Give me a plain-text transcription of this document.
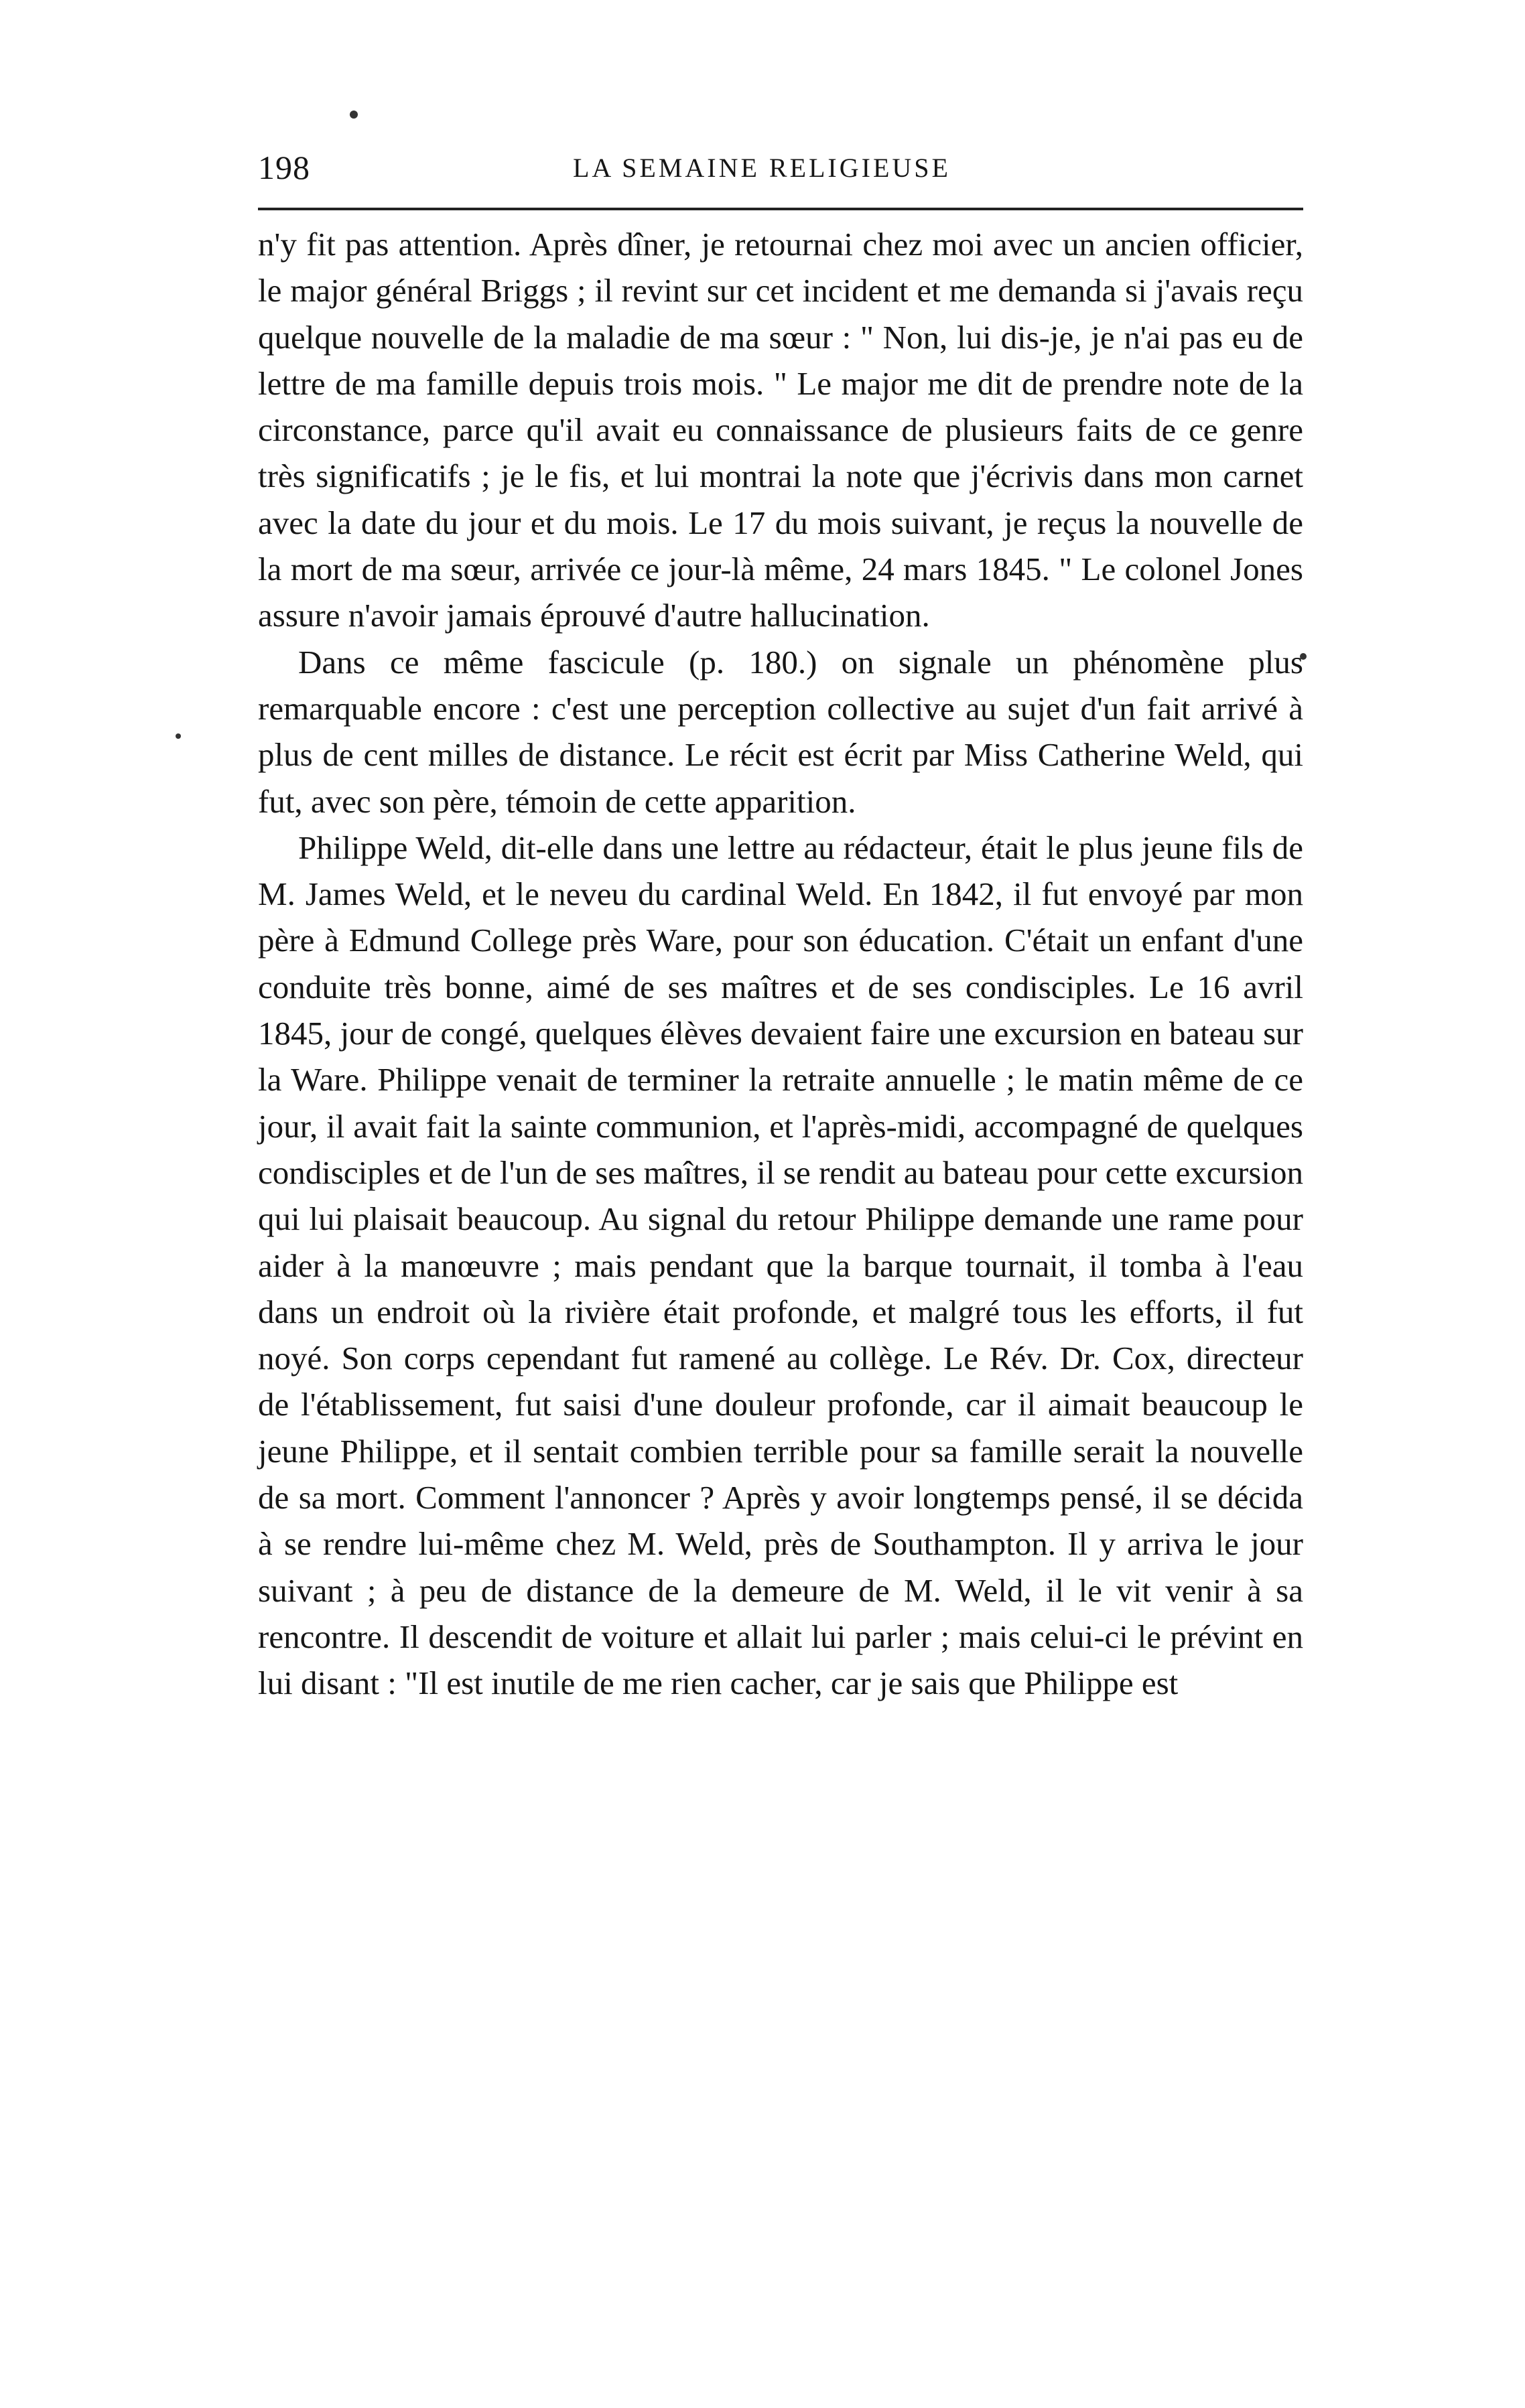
198	LA SEMAINE RELIGIEUSE

n'y fit pas attention. Après dîner, je retournai chez moi avec un ancien officier, le major général Briggs ; il revint sur cet incident et me demanda si j'avais reçu quelque nouvelle de la maladie de ma sœur : " Non, lui dis-je, je n'ai pas eu de lettre de ma famille depuis trois mois. " Le major me dit de prendre note de la circonstance, parce qu'il avait eu connaissance de plusieurs faits de ce genre très significatifs ; je le fis, et lui montrai la note que j'écrivis dans mon carnet avec la date du jour et du mois. Le 17 du mois suivant, je reçus la nouvelle de la mort de ma sœur, arrivée ce jour-là même, 24 mars 1845. " Le colonel Jones assure n'avoir jamais éprouvé d'autre hallucination.

Dans ce même fascicule (p. 180.) on signale un phénomène plus remarquable encore : c'est une perception collective au sujet d'un fait arrivé à plus de cent milles de distance. Le récit est écrit par Miss Catherine Weld, qui fut, avec son père, témoin de cette apparition.

Philippe Weld, dit-elle dans une lettre au rédacteur, était le plus jeune fils de M. James Weld, et le neveu du cardinal Weld. En 1842, il fut envoyé par mon père à Edmund College près Ware, pour son éducation. C'était un enfant d'une conduite très bonne, aimé de ses maîtres et de ses condisciples. Le 16 avril 1845, jour de congé, quelques élèves devaient faire une excursion en bateau sur la Ware. Philippe venait de terminer la retraite annuelle ; le matin même de ce jour, il avait fait la sainte communion, et l'après-midi, accompagné de quelques condisciples et de l'un de ses maîtres, il se rendit au bateau pour cette excursion qui lui plaisait beaucoup. Au signal du retour Philippe demande une rame pour aider à la manœuvre ; mais pendant que la barque tournait, il tomba à l'eau dans un endroit où la rivière était profonde, et malgré tous les efforts, il fut noyé. Son corps cependant fut ramené au collège. Le Rév. Dr. Cox, directeur de l'établissement, fut saisi d'une douleur profonde, car il aimait beaucoup le jeune Philippe, et il sentait combien terrible pour sa famille serait la nouvelle de sa mort. Comment l'annoncer ? Après y avoir longtemps pensé, il se décida à se rendre lui-même chez M. Weld, près de Southampton. Il y arriva le jour suivant ; à peu de distance de la demeure de M. Weld, il le vit venir à sa rencontre. Il descendit de voiture et allait lui parler ; mais celui-ci le prévint en lui disant : "Il est inutile de me rien cacher, car je sais que Philippe est
